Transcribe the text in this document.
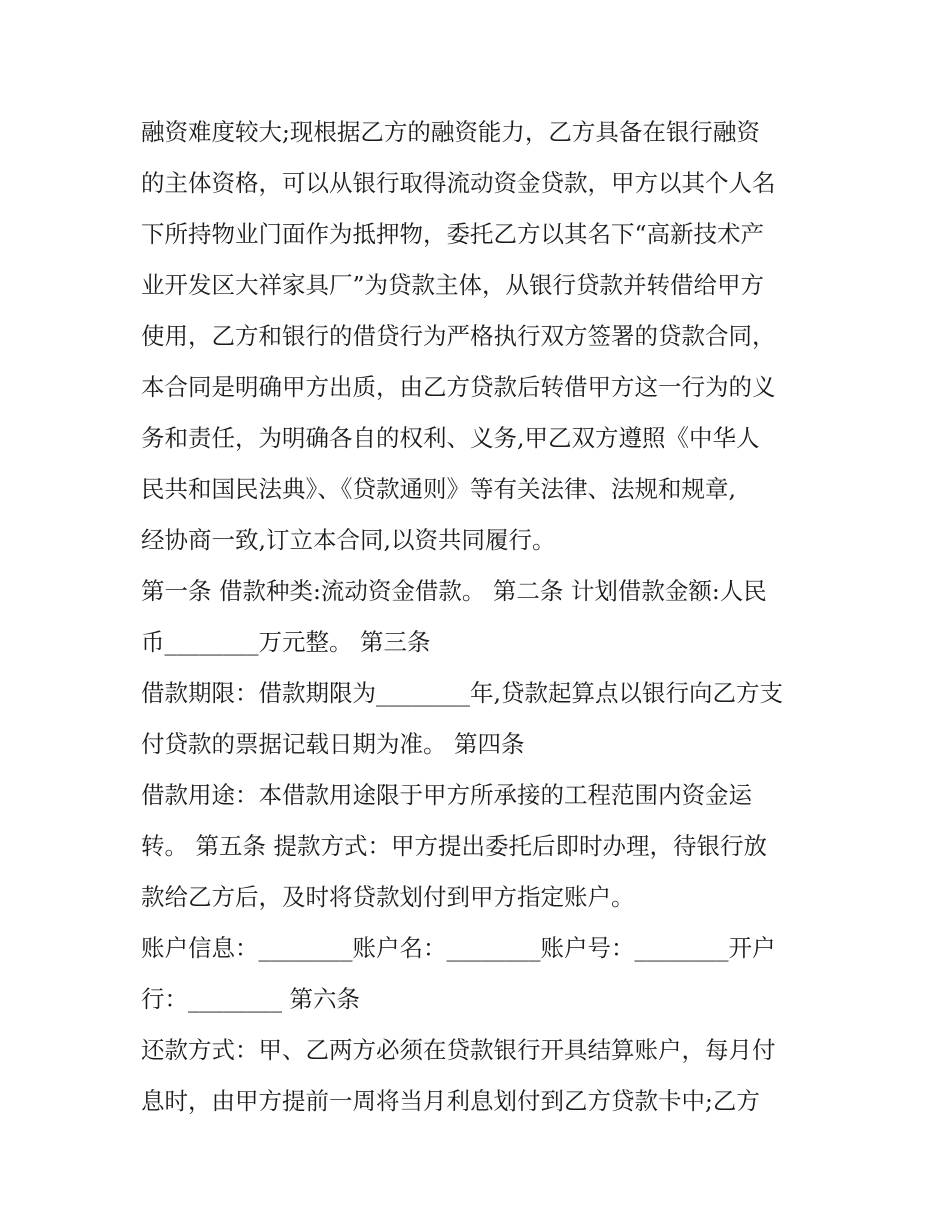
融资难度较大;现根据乙方的融资能力，乙方具备在银行融资
的主体资格，可以从银行取得流动资金贷款，甲方以其个人名
下所持物业门面作为抵押物，委托乙方以其名下“高新技术产
业开发区大祥家具厂”为贷款主体，从银行贷款并转借给甲方
使用，乙方和银行的借贷行为严格执行双方签署的贷款合同，
本合同是明确甲方出质，由乙方贷款后转借甲方这一行为的义
务和责任，为明确各自的权利、义务,甲乙双方遵照《中华人
民共和国民法典》、《贷款通则》等有关法律、法规和规章,
经协商一致,订立本合同,以资共同履行。
第一条 借款种类:流动资金借款。 第二条 计划借款金额:人民
币________万元整。 第三条
借款期限：借款期限为________年,贷款起算点以银行向乙方支
付贷款的票据记载日期为准。 第四条
借款用途：本借款用途限于甲方所承接的工程范围内资金运
转。 第五条 提款方式：甲方提出委托后即时办理，待银行放
款给乙方后，及时将贷款划付到甲方指定账户。
账户信息：________账户名：________账户号：________开户
行：________ 第六条
还款方式：甲、乙两方必须在贷款银行开具结算账户，每月付
息时，由甲方提前一周将当月利息划付到乙方贷款卡中;乙方
